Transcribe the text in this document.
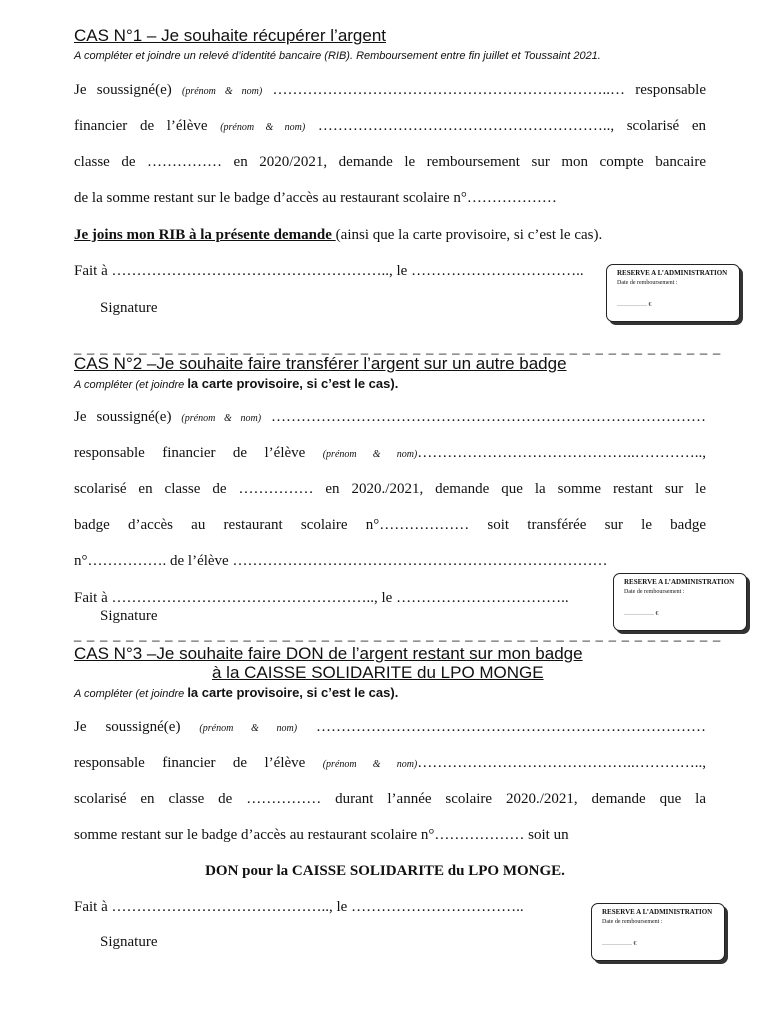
CAS N°1 – Je souhaite récupérer l’argent
A compléter et joindre un relevé d’identité bancaire (RIB). Remboursement entre fin juillet et Toussaint 2021.
Je soussigné(e) (prénom & nom) …………………………………………………………..… responsable
financier de l’élève (prénom & nom) ………………………………………………….., scolarisé en
classe de …………… en 2020/2021, demande le remboursement sur mon compte bancaire
de la somme restant sur le badge d’accès au restaurant scolaire n°………………
Je joins mon RIB à la présente demande (ainsi que la carte provisoire, si c’est le cas).
Fait à ……………………………………………….., le ……………………………..
Signature
RESERVE A L’ADMINISTRATION
Date de remboursement :
…………… €
_ _ _ _ _ _ _ _ _ _ _ _ _ _ _ _ _ _ _ _ _ _ _ _ _ _ _ _ _ _ _ _ _ _ _ _ _ _ _ _ _ _ _ _ _ _ _ _ _ _
CAS N°2 –Je souhaite faire transférer l’argent sur un autre badge
A compléter (et joindre la carte provisoire, si c’est le cas).
Je soussigné(e) (prénom & nom) ……………………………………………………………………………
responsable financier de l’élève (prénom & nom)……………………………………..…………..,
scolarisé en classe de …………… en 2020./2021, demande que la somme restant sur le
badge d’accès au restaurant scolaire n°……………… soit transférée sur le badge
n°……………. de l’élève …………………………………………………………………
Fait à …………………………………………….., le ……………………………..
Signature
RESERVE A L’ADMINISTRATION
Date de remboursement :
…………… €
_ _ _ _ _ _ _ _ _ _ _ _ _ _ _ _ _ _ _ _ _ _ _ _ _ _ _ _ _ _ _ _ _ _ _ _ _ _ _ _ _ _ _ _ _ _ _ _ _ _
CAS N°3 –Je souhaite faire DON de l’argent restant sur mon badge
à la CAISSE SOLIDARITE du LPO MONGE
A compléter (et joindre la carte provisoire, si c’est le cas).
Je soussigné(e) (prénom & nom) ……………………………………………………………………
responsable financier de l’élève (prénom & nom)……………………………………..…………..,
scolarisé en classe de …………… durant l’année scolaire 2020./2021, demande que la
somme restant sur le badge d’accès au restaurant scolaire n°……………… soit un
DON pour la CAISSE SOLIDARITE du LPO MONGE.
Fait à …………………………………….., le ……………………………..
Signature
RESERVE A L’ADMINISTRATION
Date de remboursement :
…………… €
